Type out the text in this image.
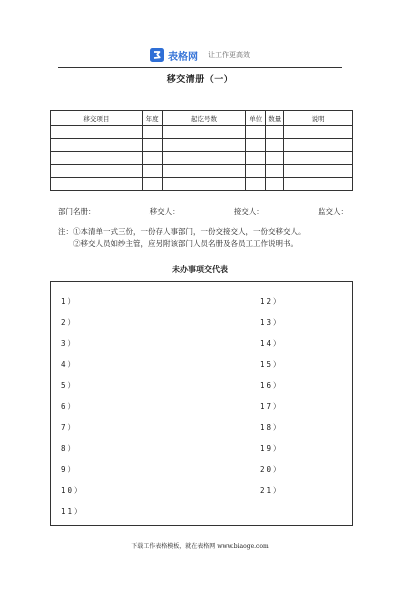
表格网 让工作更高效
移交清册（一）
移交项目	年度	起讫号数	单位	数量	说明

部门名册：	移交人：	接交人：	监交人：
注：①本清单一式三份，一份存人事部门，一份交接交人，一份交移交人。
②移交人员如纱主管，应另附该部门人员名册及各员工工作说明书。
未办事项交代表
1）
2）
3）
4）
5）
6）
7）
8）
9）
10）
11）
12）
13）
14）
15）
16）
17）
18）
19）
20）
21）
下载工作表格模板，就在表格网 www.biaoge.com
